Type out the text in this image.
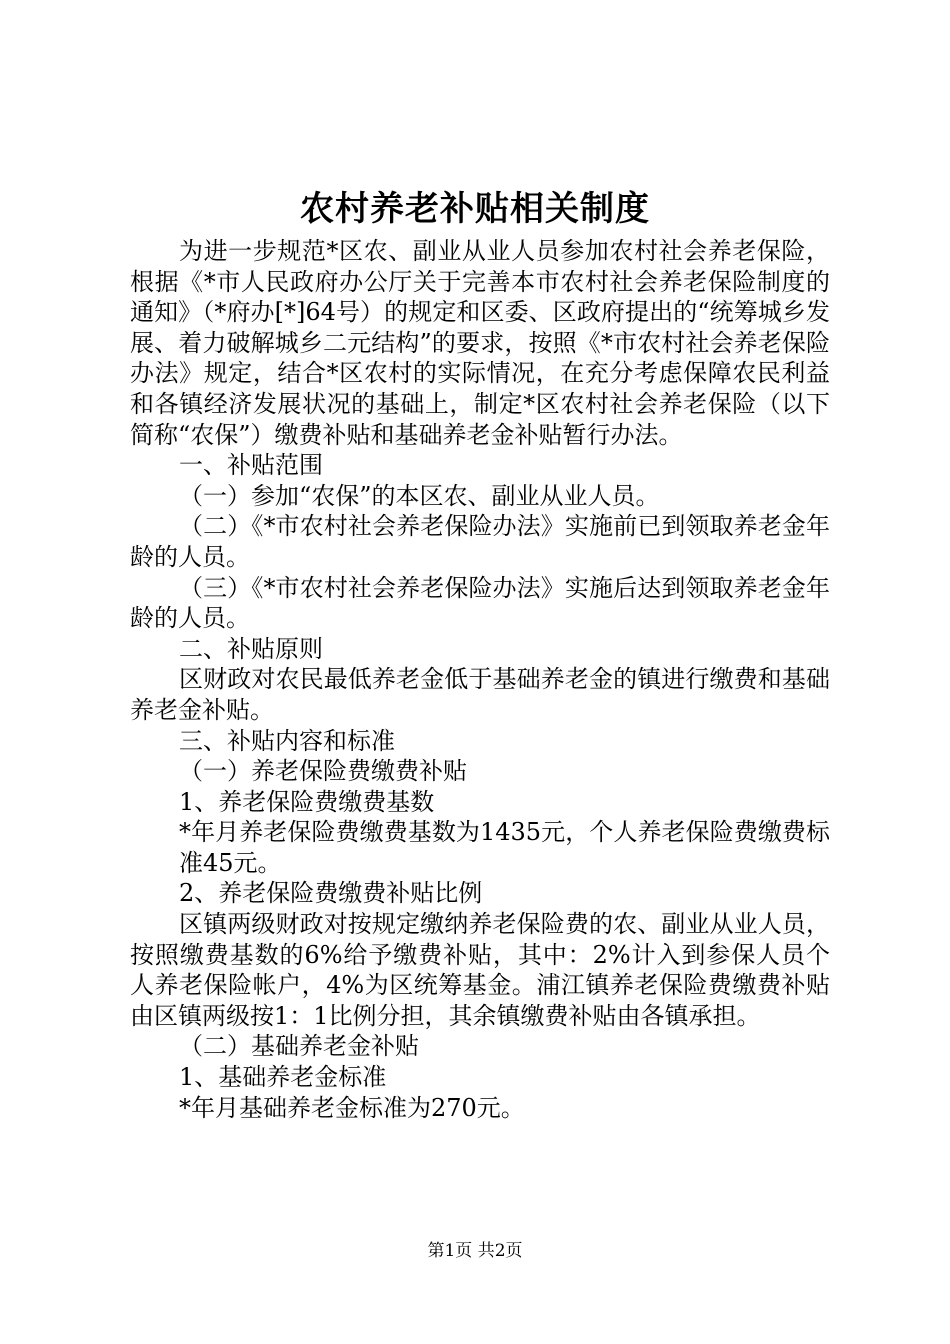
农村养老补贴相关制度

为进一步规范*区农、副业从业人员参加农村社会养老保险，根据《*市人民政府办公厅关于完善本市农村社会养老保险制度的通知》（*府办[*]64号）的规定和区委、区政府提出的“统筹城乡发展、着力破解城乡二元结构”的要求，按照《*市农村社会养老保险办法》规定，结合*区农村的实际情况，在充分考虑保障农民利益和各镇经济发展状况的基础上，制定*区农村社会养老保险（以下简称“农保”）缴费补贴和基础养老金补贴暂行办法。

一、补贴范围

（一）参加“农保”的本区农、副业从业人员。

（二）《*市农村社会养老保险办法》实施前已到领取养老金年龄的人员。

（三）《*市农村社会养老保险办法》实施后达到领取养老金年龄的人员。

二、补贴原则

区财政对农民最低养老金低于基础养老金的镇进行缴费和基础养老金补贴。

三、补贴内容和标准

（一）养老保险费缴费补贴

1、养老保险费缴费基数

*年月养老保险费缴费基数为1435元，个人养老保险费缴费标准45元。

2、养老保险费缴费补贴比例

区镇两级财政对按规定缴纳养老保险费的农、副业从业人员，按照缴费基数的6%给予缴费补贴，其中：2%计入到参保人员个人养老保险帐户，4%为区统筹基金。浦江镇养老保险费缴费补贴由区镇两级按1：1比例分担，其余镇缴费补贴由各镇承担。

（二）基础养老金补贴

1、基础养老金标准

*年月基础养老金标准为270元。

第1页 共2页
